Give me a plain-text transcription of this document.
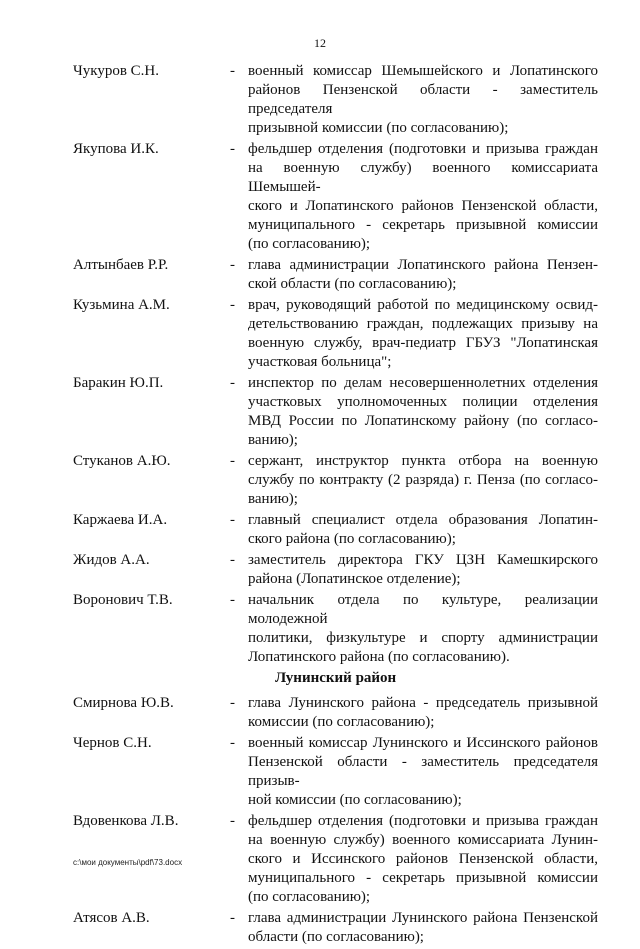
12
Чукуров С.Н.	- военный комиссар Шемышейского и Лопатинского
районов Пензенской области - заместитель председателя
призывной комиссии (по согласованию);
Якупова И.К.	- фельдшер отделения (подготовки и призыва граждан
на военную службу) военного комиссариата Шемышей-
ского и Лопатинского районов Пензенской области,
муниципального - секретарь призывной комиссии
(по согласованию);
Алтынбаев Р.Р.	- глава администрации Лопатинского района Пензен-
ской области (по согласованию);
Кузьмина А.М.	- врач, руководящий работой по медицинскому освид-
детельствованию граждан, подлежащих призыву на
военную службу, врач-педиатр ГБУЗ "Лопатинская
участковая больница";
Баракин Ю.П.	- инспектор по делам несовершеннолетних отделения
участковых уполномоченных полиции отделения
МВД России по Лопатинскому району (по согласо-
ванию);
Стуканов А.Ю.	- сержант, инструктор пункта отбора на военную
службу по контракту (2 разряда) г. Пенза (по согласо-
ванию);
Каржаева И.А.	- главный специалист отдела образования Лопатин-
ского района (по согласованию);
Жидов А.А.	- заместитель директора ГКУ ЦЗН Камешкирского
района (Лопатинское отделение);
Воронович Т.В.	- начальник отдела по культуре, реализации молодежной
политики, физкультуре и спорту администрации
Лопатинского района (по согласованию).
Лунинский район
Смирнова Ю.В.	- глава Лунинского района - председатель призывной
комиссии (по согласованию);
Чернов С.Н.	- военный комиссар Лунинского и Иссинского районов
Пензенской области - заместитель председателя призыв-
ной комиссии (по согласованию);
Вдовенкова Л.В.	- фельдшер отделения (подготовки и призыва граждан
на военную службу) военного комиссариата Лунин-
ского и Иссинского районов Пензенской области,
муниципального - секретарь призывной комиссии
(по согласованию);
Атясов А.В.	- глава администрации Лунинского района Пензенской
области (по согласованию);
c:\мои документы\pdf\73.docx
